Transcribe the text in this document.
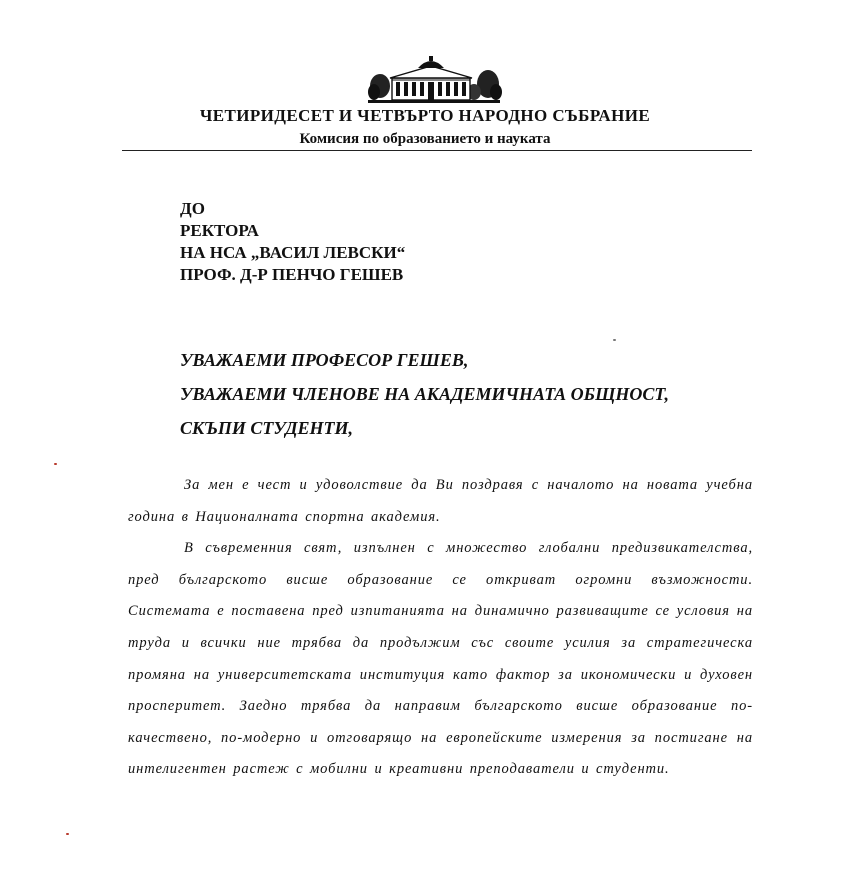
ЧЕТИРИДЕСЕТ И ЧЕТВЪРТО НАРОДНО СЪБРАНИЕ
Комисия по образованието и науката
ДО
РЕКТОРА
НА НСА „ВАСИЛ ЛЕВСКИ“
ПРОФ. Д-Р ПЕНЧО ГЕШЕВ
УВАЖАЕМИ ПРОФЕСОР ГЕШЕВ,
УВАЖАЕМИ ЧЛЕНОВЕ НА АКАДЕМИЧНАТА ОБЩНОСТ,
СКЪПИ СТУДЕНТИ,

За мен е чест и удоволствие да Ви поздравя с началото на новата учебна година в Националната спортна академия.

В съвременния свят, изпълнен с множество глобални предизвикателства, пред българското висше образование се откриват огромни възможности. Системата е поставена пред изпитанията на динамично развиващите се условия на труда и всички ние трябва да продължим със своите усилия за стратегическа промяна на университетската институция като фактор за икономически и духовен просперитет. Заедно трябва да направим българското висше образование по-качествено, по-модерно и отговарящо на европейските измерения за постигане на интелигентен растеж с мобилни и креативни преподаватели и студенти.
